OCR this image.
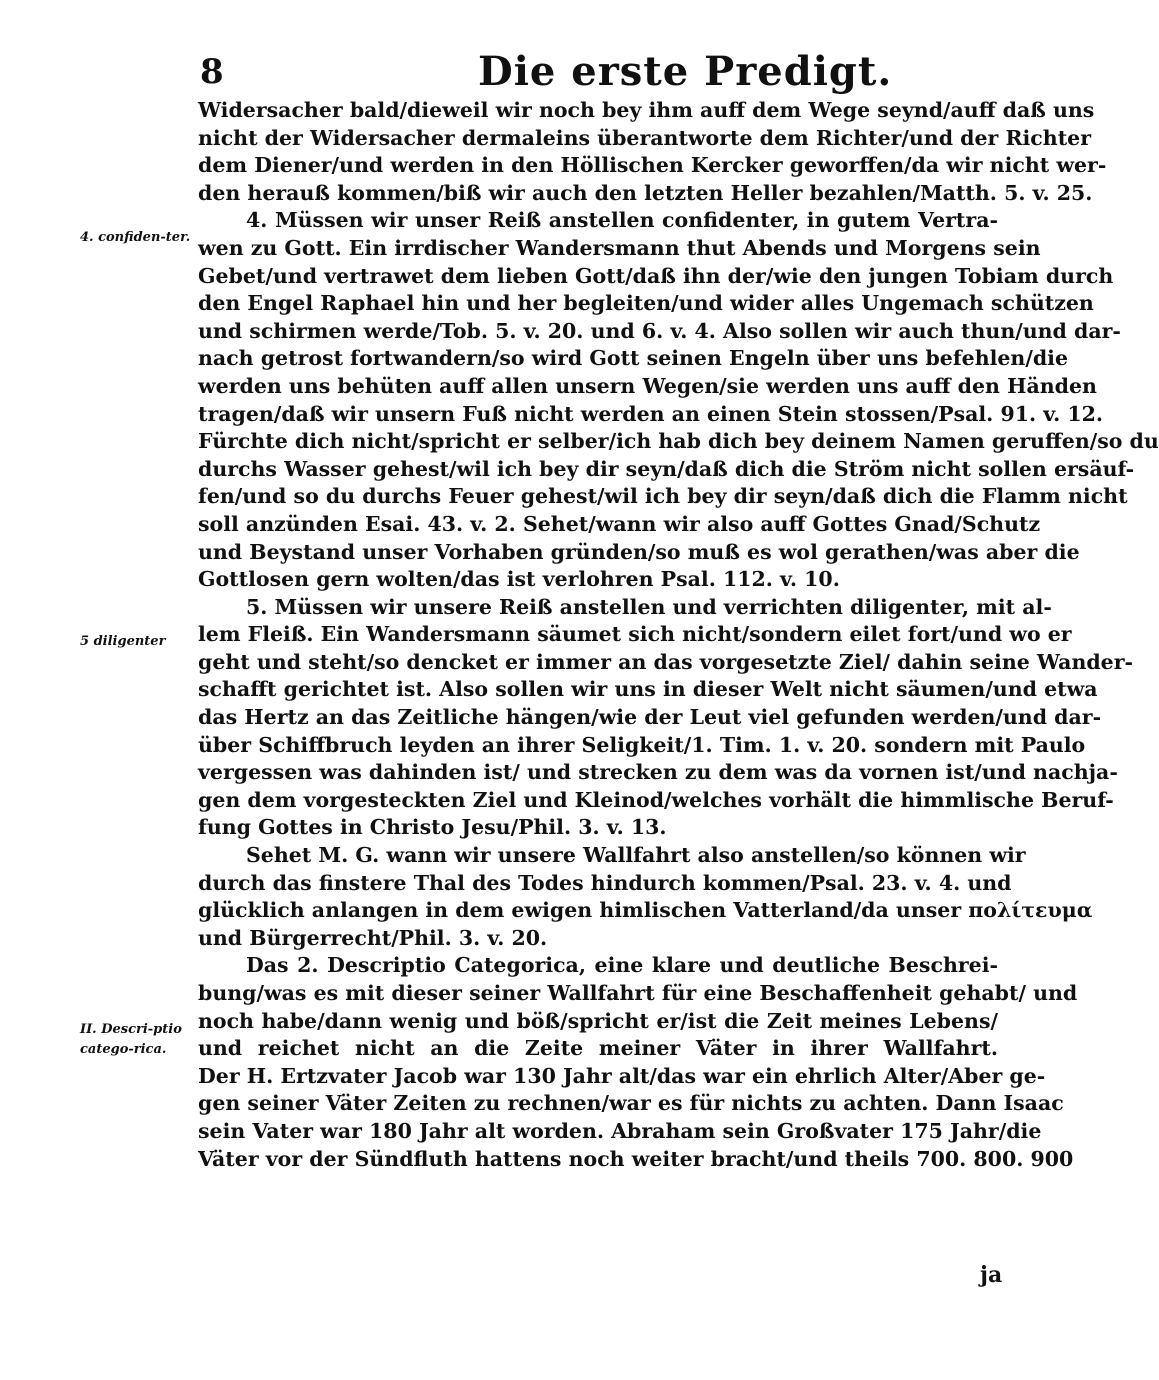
8	Die erste Predigt.
4. confiden-ter.
5 diligenter
II. Descri-ptio catego-rica.
Widersacher bald/dieweil wir noch bey ihm auff dem Wege seynd/auff daß uns
nicht der Widersacher dermaleins überantworte dem Richter/und der Richter
dem Diener/und werden in den Höllischen Kercker geworffen/da wir nicht wer-
den herauß kommen/biß wir auch den letzten Heller bezahlen/Matth. 5. v. 25.
4. Müssen wir unser Reiß anstellen confidenter, in gutem Vertra-
wen zu Gott. Ein irrdischer Wandersmann thut Abends und Morgens sein
Gebet/und vertrawet dem lieben Gott/daß ihn der/wie den jungen Tobiam durch
den Engel Raphael hin und her begleiten/und wider alles Ungemach schützen
und schirmen werde/Tob. 5. v. 20. und 6. v. 4. Also sollen wir auch thun/und dar-
nach getrost fortwandern/so wird Gott seinen Engeln über uns befehlen/die
werden uns behüten auff allen unsern Wegen/sie werden uns auff den Händen
tragen/daß wir unsern Fuß nicht werden an einen Stein stossen/Psal. 91. v. 12.
Fürchte dich nicht/spricht er selber/ich hab dich bey deinem Namen geruffen/so du
durchs Wasser gehest/wil ich bey dir seyn/daß dich die Ström nicht sollen ersäuf-
fen/und so du durchs Feuer gehest/wil ich bey dir seyn/daß dich die Flamm nicht
soll anzünden Esai. 43. v. 2. Sehet/wann wir also auff Gottes Gnad/Schutz
und Beystand unser Vorhaben gründen/so muß es wol gerathen/was aber die
Gottlosen gern wolten/das ist verlohren Psal. 112. v. 10.
5. Müssen wir unsere Reiß anstellen und verrichten diligenter, mit al-
lem Fleiß. Ein Wandersmann säumet sich nicht/sondern eilet fort/und wo er
geht und steht/so dencket er immer an das vorgesetzte Ziel/ dahin seine Wander-
schafft gerichtet ist. Also sollen wir uns in dieser Welt nicht säumen/und etwa
das Hertz an das Zeitliche hängen/wie der Leut viel gefunden werden/und dar-
über Schiffbruch leyden an ihrer Seligkeit/1. Tim. 1. v. 20. sondern mit Paulo
vergessen was dahinden ist/ und strecken zu dem was da vornen ist/und nachja-
gen dem vorgesteckten Ziel und Kleinod/welches vorhält die himmlische Beruf-
fung Gottes in Christo Jesu/Phil. 3. v. 13.
Sehet M. G. wann wir unsere Wallfahrt also anstellen/so können wir
durch das finstere Thal des Todes hindurch kommen/Psal. 23. v. 4. und
glücklich anlangen in dem ewigen himlischen Vatterland/da unser πολίτευμα
und Bürgerrecht/Phil. 3. v. 20.
Das 2. Descriptio Categorica, eine klare und deutliche Beschrei-
bung/was es mit dieser seiner Wallfahrt für eine Beschaffenheit gehabt/ und
noch habe/dann wenig und böß/spricht er/ist die Zeit meines Lebens/
und reichet nicht an die Zeite meiner Väter in ihrer Wallfahrt.
Der H. Ertzvater Jacob war 130 Jahr alt/das war ein ehrlich Alter/Aber ge-
gen seiner Väter Zeiten zu rechnen/war es für nichts zu achten. Dann Isaac
sein Vater war 180 Jahr alt worden. Abraham sein Großvater 175 Jahr/die
Väter vor der Sündfluth hattens noch weiter bracht/und theils 700. 800. 900
ja
